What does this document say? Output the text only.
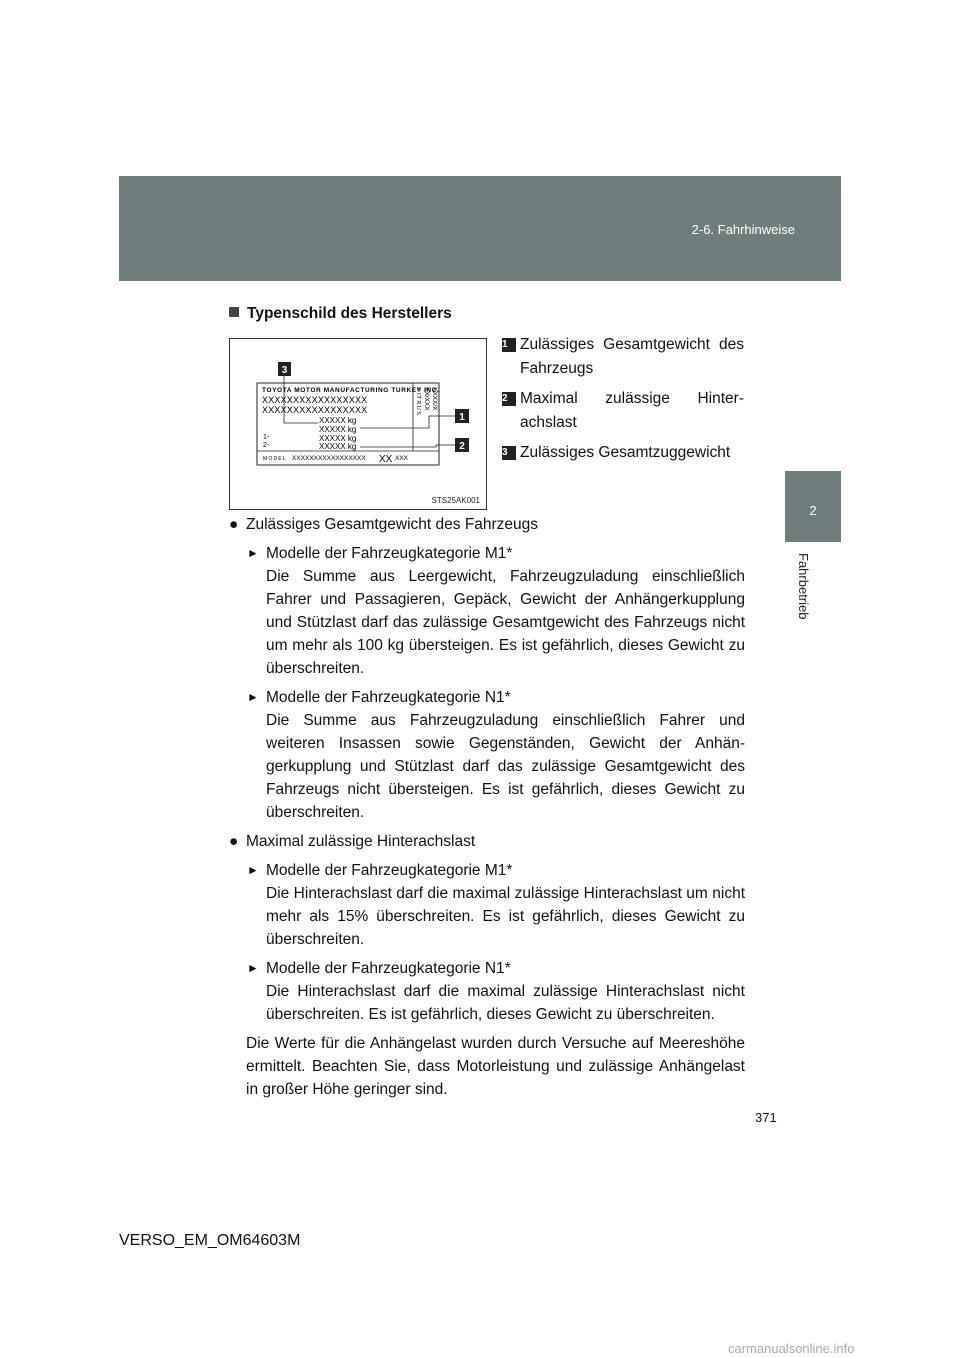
2-6. Fahrhinweise
2
Fahrbetrieb
Typenschild des Herstellers
TOYOTA MOTOR MANUFACTURING TURKEY INC.
XXXXXXXXXXXXXXXXX
XXXXXXXXXXXXXXXXX
XXXXX kg
XXXXX kg
XXXXX kg
XXXXX kg
1-
2-
MODEL XXXXXXXXXXXXXXXXX XX XXX
CITRUS XX/XXX XXXX/X
3
1
2
STS25AK001
1 Zulässiges Gesamtgewicht des Fahrzeugs
2 Maximal zulässige Hinterachslast
3 Zulässiges Gesamtzuggewicht
● Zulässiges Gesamtgewicht des Fahrzeugs
► Modelle der Fahrzeugkategorie M1*
Die Summe aus Leergewicht, Fahrzeugzuladung einschließlich Fahrer und Passagieren, Gepäck, Gewicht der Anhängerkupplung und Stützlast darf das zulässige Gesamtgewicht des Fahrzeugs nicht um mehr als 100 kg übersteigen. Es ist gefährlich, dieses Gewicht zu überschreiten.
► Modelle der Fahrzeugkategorie N1*
Die Summe aus Fahrzeugzuladung einschließlich Fahrer und weiteren Insassen sowie Gegenständen, Gewicht der Anhängerkupplung und Stützlast darf das zulässige Gesamtgewicht des Fahrzeugs nicht übersteigen. Es ist gefährlich, dieses Gewicht zu überschreiten.
● Maximal zulässige Hinterachslast
► Modelle der Fahrzeugkategorie M1*
Die Hinterachslast darf die maximal zulässige Hinterachslast um nicht mehr als 15% überschreiten. Es ist gefährlich, dieses Gewicht zu überschreiten.
► Modelle der Fahrzeugkategorie N1*
Die Hinterachslast darf die maximal zulässige Hinterachslast nicht überschreiten. Es ist gefährlich, dieses Gewicht zu überschreiten.
Die Werte für die Anhängelast wurden durch Versuche auf Meereshöhe ermittelt. Beachten Sie, dass Motorleistung und zulässige Anhängelast in großer Höhe geringer sind.
371
VERSO_EM_OM64603M
carmanualsonline.info
